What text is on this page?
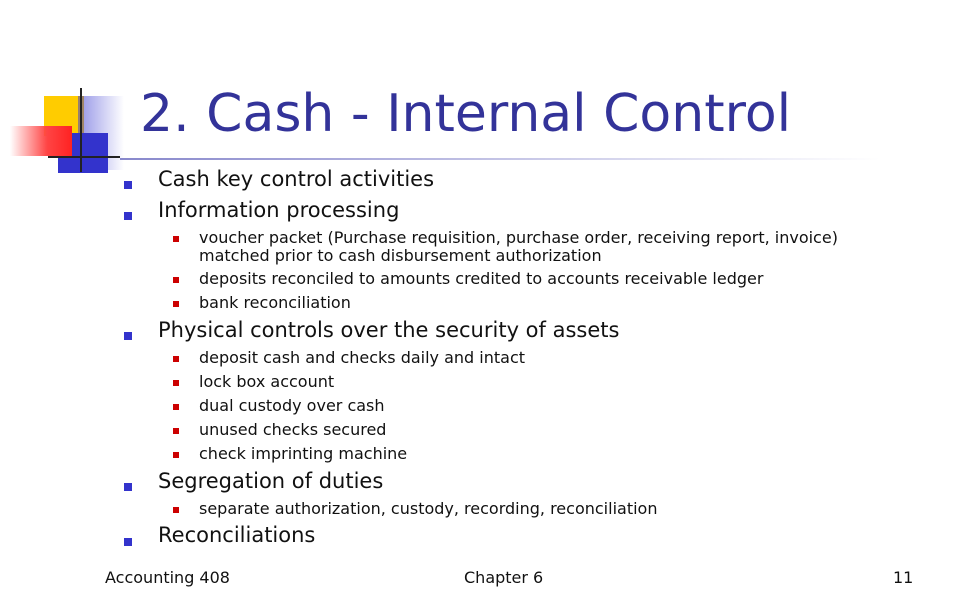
2. Cash - Internal Control
Cash key control activities
Information processing
voucher packet (Purchase requisition, purchase order, receiving report, invoice)
matched prior to cash disbursement authorization
deposits reconciled to amounts credited to accounts receivable ledger
bank reconciliation
Physical controls over the security of assets
deposit cash and checks daily and intact
lock box account
dual custody over cash
unused checks secured
check imprinting machine
Segregation of duties
separate authorization, custody, recording, reconciliation
Reconciliations
Accounting 408	Chapter 6	11
